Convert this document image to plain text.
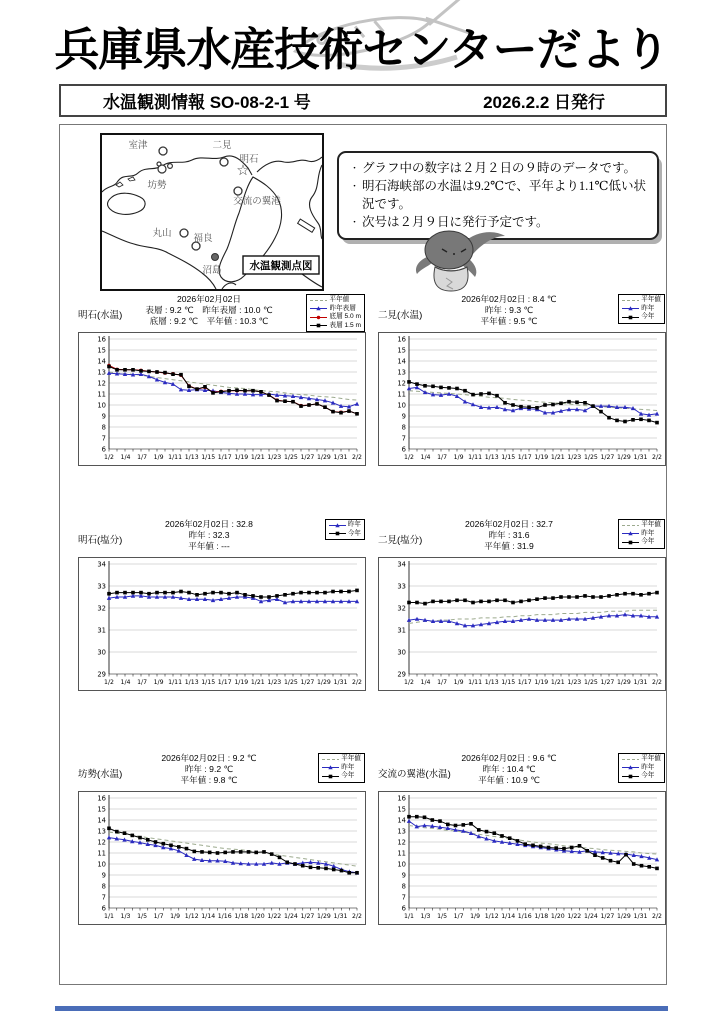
兵庫県水産技術センターだより
水温観測情報 SO-08-2-1 号	2026.2.2 日発行
室津	二見
☆
明石
坊勢
交流の翼港
丸山 福良
沼島	水温観測点図
・ グラフ中の数字は２月２日の９時のデータです。
・ 明石海峡部の水温は9.2℃で、平年より1.1℃低い状況です。
・ 次号は２月９日に発行予定です。
明石(水温)
2026年02月02日
表層 : 9.2 ℃　昨年表層 : 10.0 ℃
底層 : 9.2 ℃　平年値 : 10.3 ℃
平年値
昨年表層
底層 5.0 m
表層 1.5 m
6
7
8
9
10
11
12
13
14
15
16
1/2 1/4 1/7 1/9 1/11 1/13 1/15 1/17 1/19 1/21 1/23 1/25 1/27 1/29 1/31 2/2
二見(水温)
2026年02月02日 : 8.4 ℃
昨年 : 9.3 ℃
平年値 : 9.5 ℃
平年値
昨年
今年
6
7
8
9
10
11
12
13
14
15
16
1/2 1/4 1/7 1/9 1/11 1/13 1/15 1/17 1/19 1/21 1/23 1/25 1/27 1/29 1/31 2/2
明石(塩分)
2026年02月02日 : 32.8
昨年 : 32.3
平年値 : ---
昨年
今年
29
30
31
32
33
34
1/2 1/4 1/7 1/9 1/11 1/13 1/15 1/17 1/19 1/21 1/23 1/25 1/27 1/29 1/31 2/2
二見(塩分)
2026年02月02日 : 32.7
昨年 : 31.6
平年値 : 31.9
平年値
昨年
今年
29
30
31
32
33
34
1/2 1/4 1/7 1/9 1/11 1/13 1/15 1/17 1/19 1/21 1/23 1/25 1/27 1/29 1/31 2/2
坊勢(水温)
2026年02月02日 : 9.2 ℃
昨年 : 9.2 ℃
平年値 : 9.8 ℃
平年値
昨年
今年
6
7
8
9
10
11
12
13
14
15
16
1/1 1/3 1/5 1/7 1/9 1/12 1/14 1/16 1/18 1/20 1/22 1/24 1/27 1/29 1/31 2/2
交流の翼港(水温)
2026年02月02日 : 9.6 ℃
昨年 : 10.4 ℃
平年値 : 10.9 ℃
平年値
昨年
今年
6
7
8
9
10
11
12
13
14
15
16
1/1 1/3 1/5 1/7 1/9 1/12 1/14 1/16 1/18 1/20 1/22 1/24 1/27 1/29 1/31 2/2
